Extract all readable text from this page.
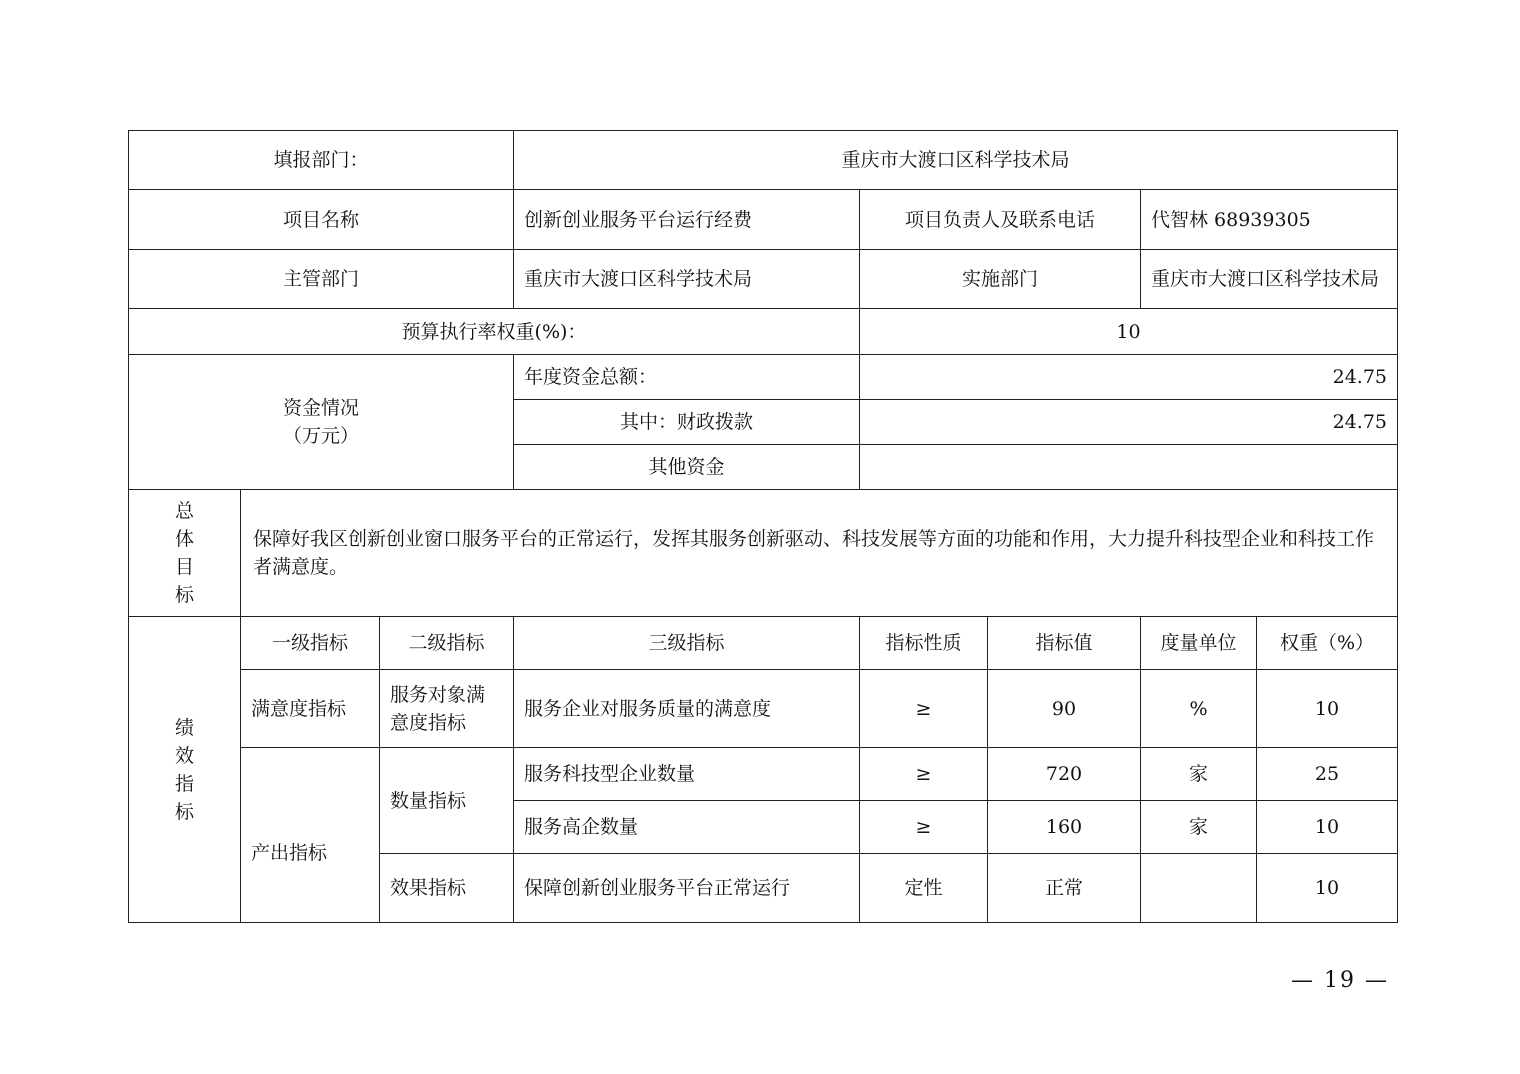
填报部门：			重庆市大渡口区科学技术局				
项目名称			创新创业服务平台运行经费	项目负责人及联系电话		代智林 68939305	
主管部门			重庆市大渡口区科学技术局	实施部门		重庆市大渡口区科学技术局	
预算执行率权重(%)：				10			

资金情况
（万元）			年度资金总额：	24.75			
			其中：财政拨款	24.75			
			其他资金				

总
体
目
标	保障好我区创新创业窗口服务平台的正常运行，发挥其服务创新驱动、科技发展等方面的功能和作用，大力提升科技型企业和科技工作者满意度。						

绩
效
指
标	一级指标	二级指标	三级指标	指标性质	指标值	度量单位	权重（%）
	满意度指标	服务对象满意度指标	服务企业对服务质量的满意度	≥	90	%	10
	产出指标	数量指标	服务科技型企业数量	≥	720	家	25
			服务高企数量	≥	160	家	10
		效果指标	保障创新创业服务平台正常运行	定性	正常		10
— 19 —
